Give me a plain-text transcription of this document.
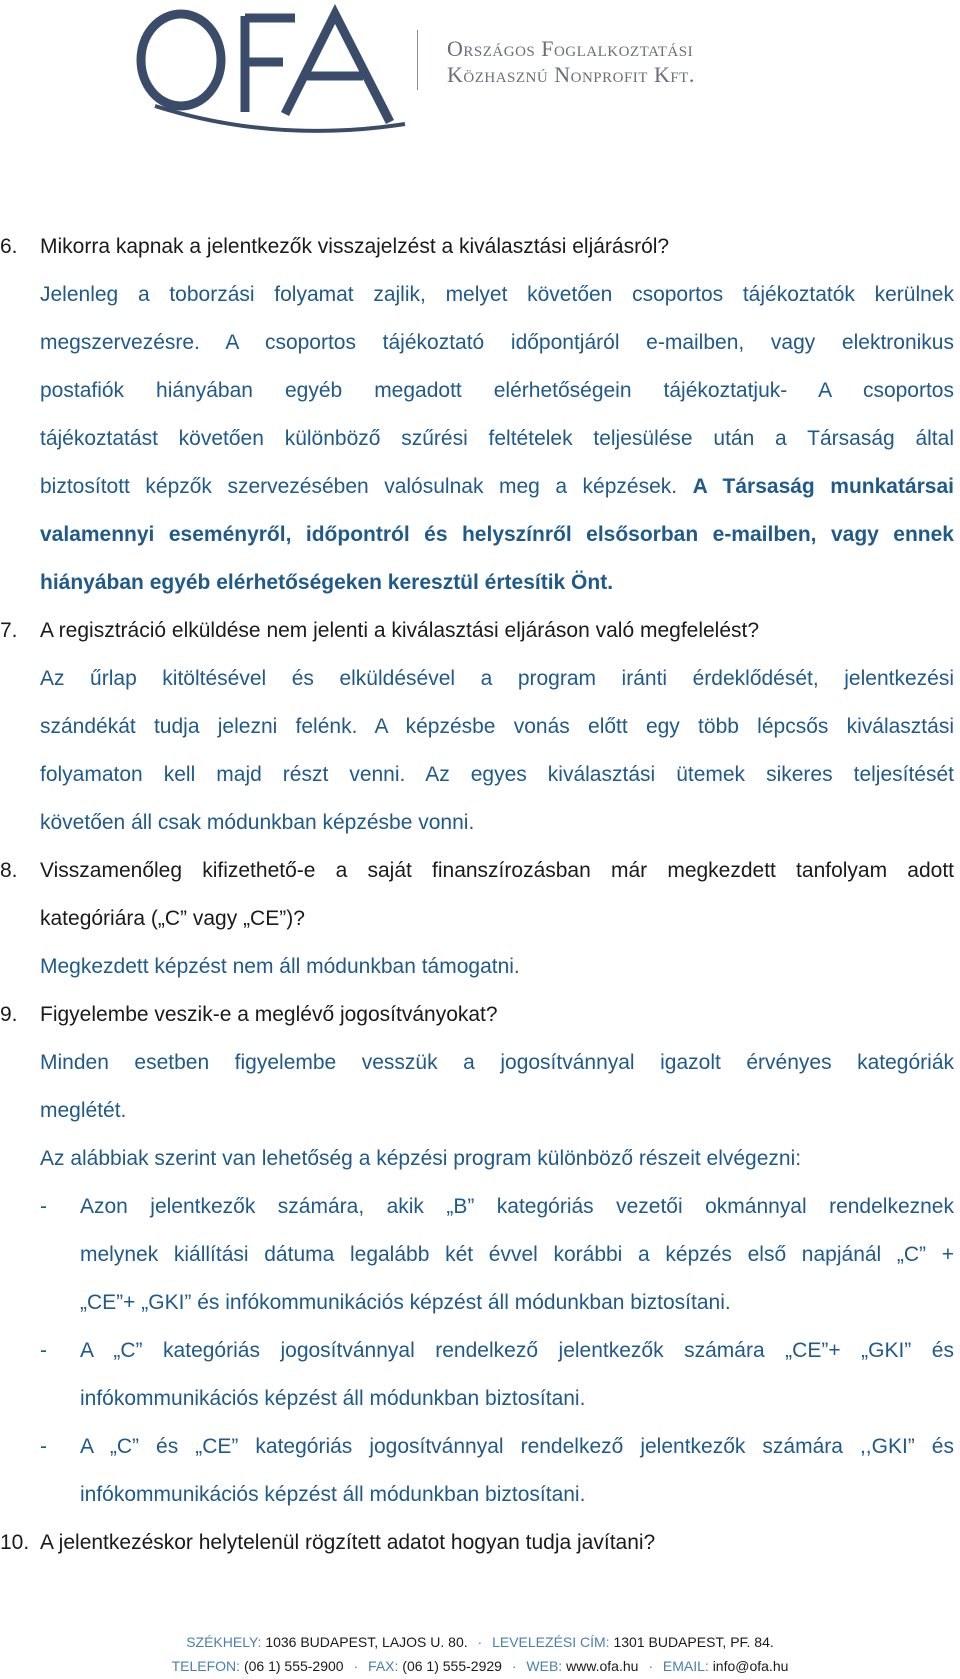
Országos Foglalkoztatási
Közhasznú Nonprofit Kft.
6.	Mikorra kapnak a jelentkezők visszajelzést a kiválasztási eljárásról?
Jelenleg a toborzási folyamat zajlik, melyet követően csoportos tájékoztatók kerülnek
megszervezésre. A csoportos tájékoztató időpontjáról e-mailben, vagy elektronikus
postafiók hiányában egyéb megadott elérhetőségein tájékoztatjuk- A csoportos
tájékoztatást követően különböző szűrési feltételek teljesülése után a Társaság által
biztosított képzők szervezésében valósulnak meg a képzések. A Társaság munkatársai
valamennyi eseményről, időpontról és helyszínről elsősorban e-mailben, vagy ennek
hiányában egyéb elérhetőségeken keresztül értesítik Önt.
7.	A regisztráció elküldése nem jelenti a kiválasztási eljáráson való megfelelést?
Az űrlap kitöltésével és elküldésével a program iránti érdeklődését, jelentkezési
szándékát tudja jelezni felénk. A képzésbe vonás előtt egy több lépcsős kiválasztási
folyamaton kell majd részt venni. Az egyes kiválasztási ütemek sikeres teljesítését
követően áll csak módunkban képzésbe vonni.
8.	Visszamenőleg kifizethető-e a saját finanszírozásban már megkezdett tanfolyam adott
kategóriára („C” vagy „CE”)?
Megkezdett képzést nem áll módunkban támogatni.
9.	Figyelembe veszik-e a meglévő jogosítványokat?
Minden esetben figyelembe vesszük a jogosítvánnyal igazolt érvényes kategóriák
meglétét.
Az alábbiak szerint van lehetőség a képzési program különböző részeit elvégezni:
- Azon jelentkezők számára, akik „B” kategóriás vezetői okmánnyal rendelkeznek
melynek kiállítási dátuma legalább két évvel korábbi a képzés első napjánál „C” +
„CE”+ „GKI” és infókommunikációs képzést áll módunkban biztosítani.
- A „C” kategóriás jogosítvánnyal rendelkező jelentkezők számára „CE”+ „GKI” és
infókommunikációs képzést áll módunkban biztosítani.
- A „C” és „CE” kategóriás jogosítvánnyal rendelkező jelentkezők számára ,,GKI” és
infókommunikációs képzést áll módunkban biztosítani.
10. A jelentkezéskor helytelenül rögzített adatot hogyan tudja javítani?
SZÉKHELY: 1036 BUDAPEST, LAJOS U. 80. · LEVELEZÉSI CÍM: 1301 BUDAPEST, PF. 84.
TELEFON: (06 1) 555-2900 · FAX: (06 1) 555-2929 · WEB: www.ofa.hu · EMAIL: info@ofa.hu
